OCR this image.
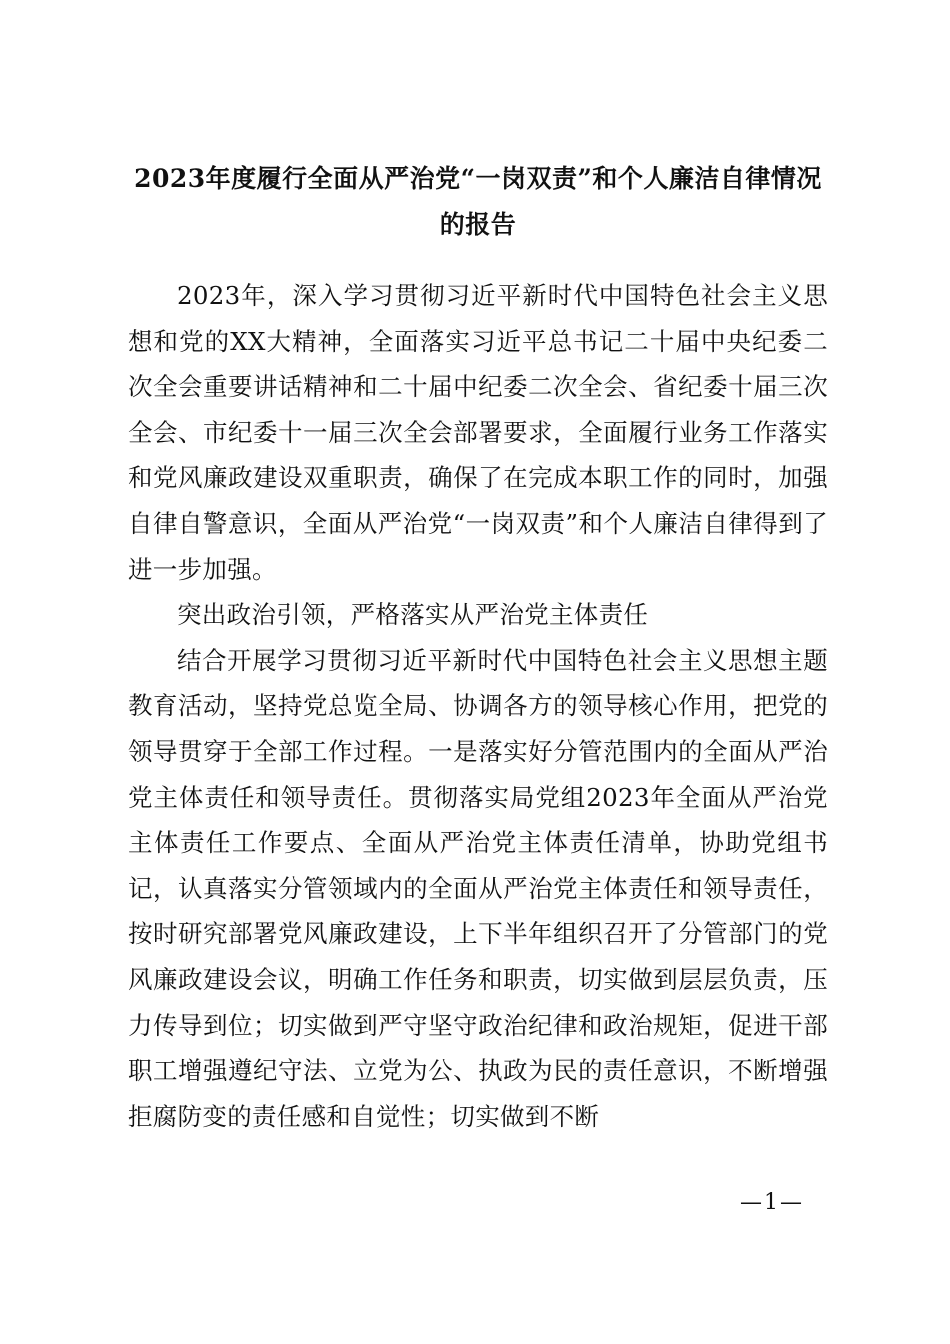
2023年度履行全面从严治党“一岗双责”和个人廉洁自律情况的报告

2023年，深入学习贯彻习近平新时代中国特色社会主义思想和党的XX大精神，全面落实习近平总书记二十届中央纪委二次全会重要讲话精神和二十届中纪委二次全会、省纪委十届三次全会、市纪委十一届三次全会部署要求，全面履行业务工作落实和党风廉政建设双重职责，确保了在完成本职工作的同时，加强自律自警意识，全面从严治党“一岗双责”和个人廉洁自律得到了进一步加强。

突出政治引领，严格落实从严治党主体责任

结合开展学习贯彻习近平新时代中国特色社会主义思想主题教育活动，坚持党总览全局、协调各方的领导核心作用，把党的领导贯穿于全部工作过程。一是落实好分管范围内的全面从严治党主体责任和领导责任。贯彻落实局党组2023年全面从严治党主体责任工作要点、全面从严治党主体责任清单，协助党组书记，认真落实分管领域内的全面从严治党主体责任和领导责任，按时研究部署党风廉政建设，上下半年组织召开了分管部门的党风廉政建设会议，明确工作任务和职责，切实做到层层负责，压力传导到位；切实做到严守坚守政治纪律和政治规矩，促进干部职工增强遵纪守法、立党为公、执政为民的责任意识，不断增强拒腐防变的责任感和自觉性；切实做到不断

—1—
